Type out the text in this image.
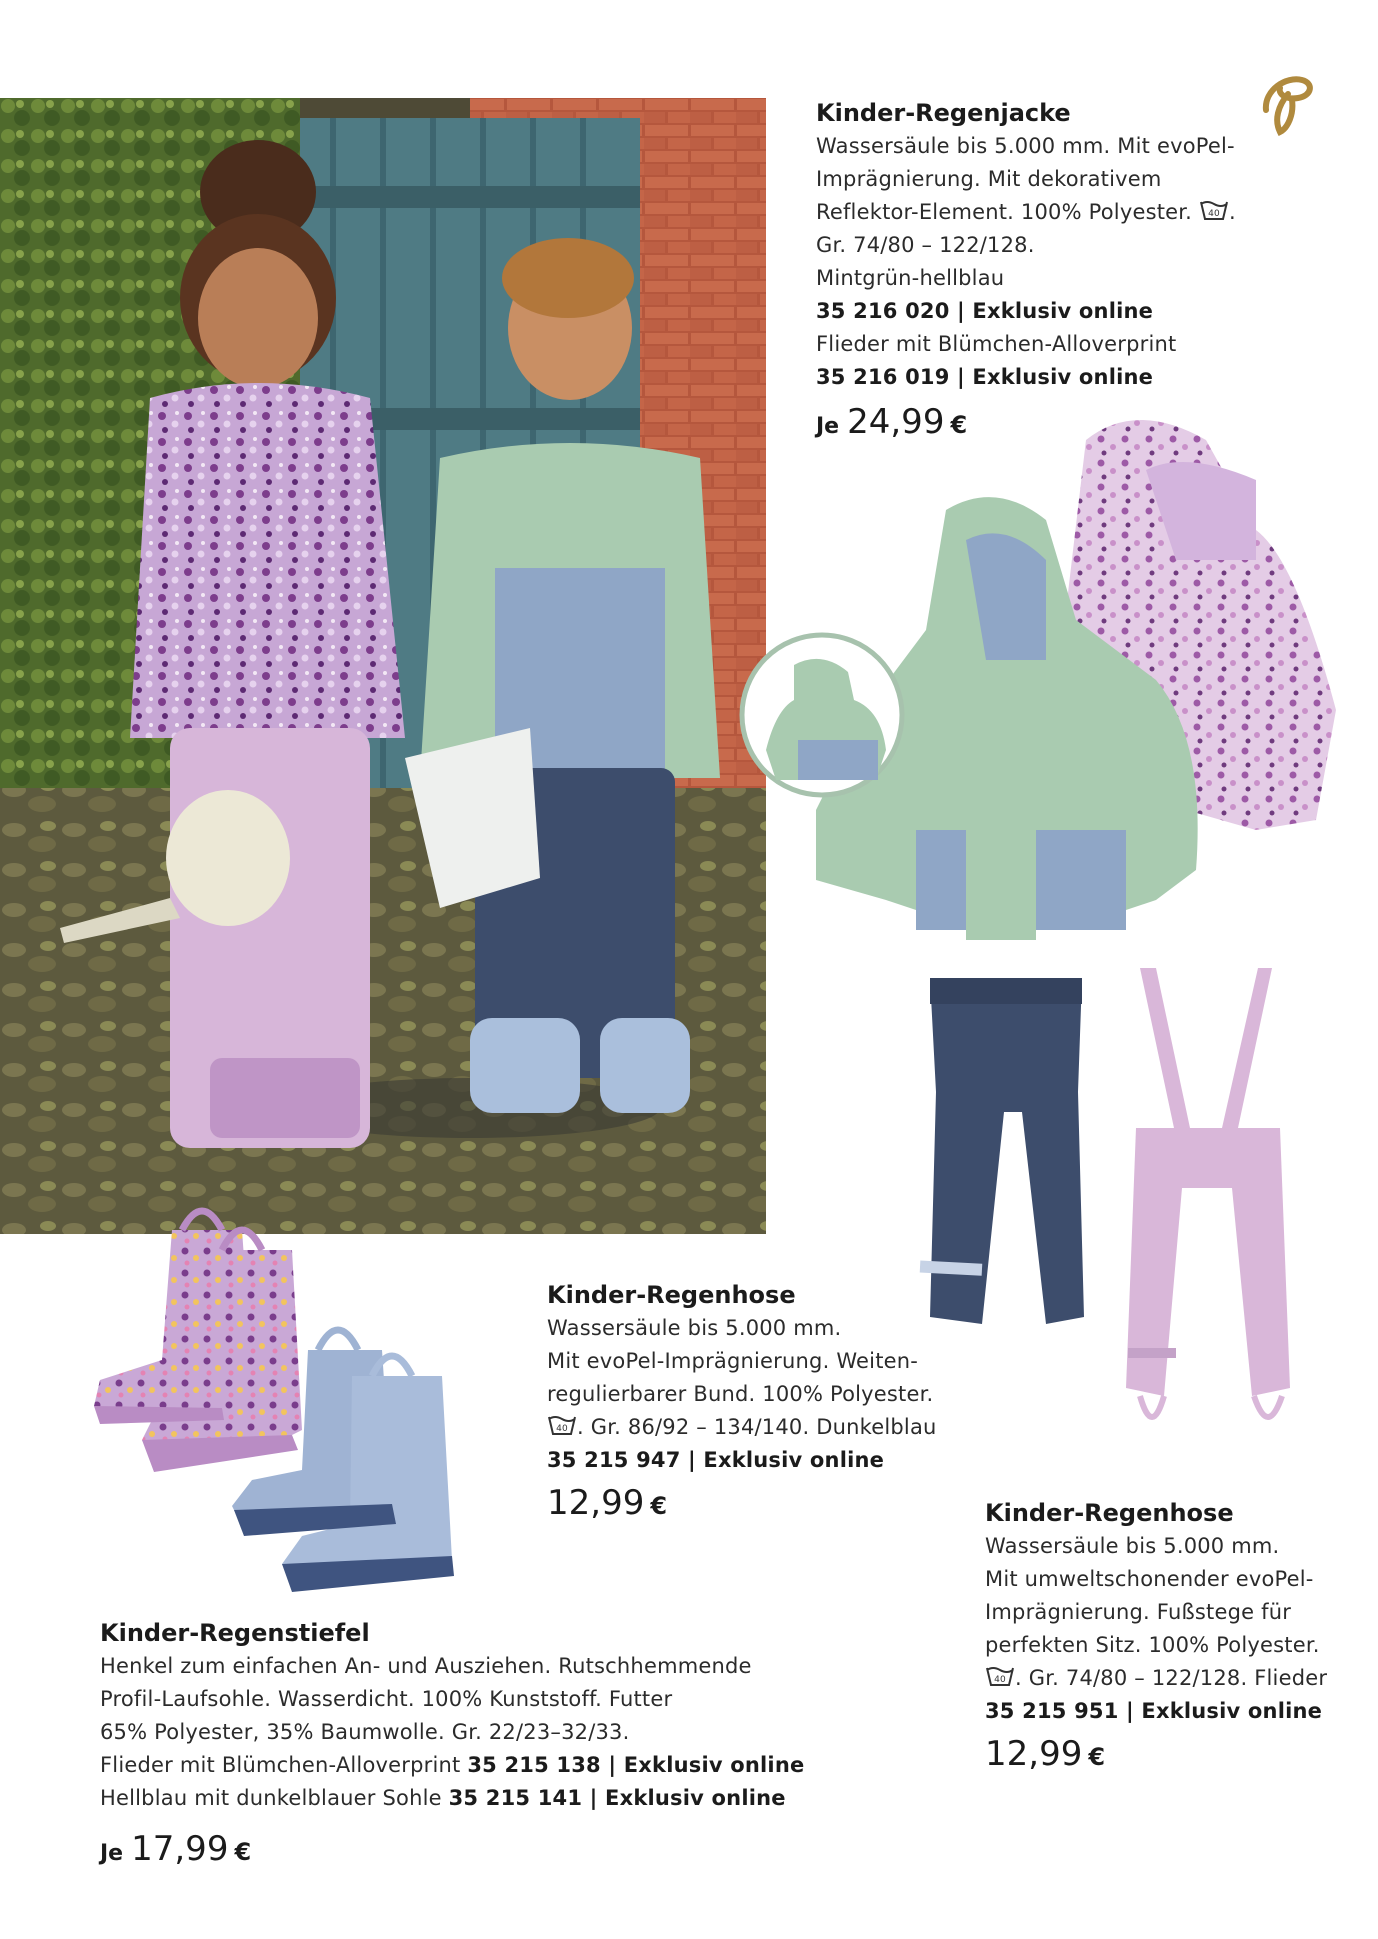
Kinder-Regenjacke
Wassersäule bis 5.000 mm. Mit evoPel-
Imprägnierung. Mit dekorativem
Reflektor-Element. 100% Polyester. 40 .
Gr. 74/80 – 122/128.
Mintgrün-hellblau
35 216 020 | Exklusiv online
Flieder mit Blümchen-Alloverprint
35 216 019 | Exklusiv online
Je 24,99 €
Kinder-Regenhose
Wassersäule bis 5.000 mm.
Mit evoPel-Imprägnierung. Weiten-
regulierbarer Bund. 100% Polyester.
40 . Gr. 86/92 – 134/140. Dunkelblau
35 215 947 | Exklusiv online
12,99 €	Kinder-Regenhose
Wassersäule bis 5.000 mm.
Mit umweltschonender evoPel-
Imprägnierung. Fußstege für
perfekten Sitz. 100% Polyester.
40 . Gr. 74/80 – 122/128. Flieder
35 215 951 | Exklusiv online
12,99 €
Kinder-Regenstiefel
Henkel zum einfachen An- und Ausziehen. Rutschhemmende
Profil-Laufsohle. Wasserdicht. 100% Kunststoff. Futter
65% Polyester, 35% Baumwolle. Gr. 22/23–32/33.
Flieder mit Blümchen-Alloverprint 35 215 138 | Exklusiv online
Hellblau mit dunkelblauer Sohle 35 215 141 | Exklusiv online
Je 17,99 €
